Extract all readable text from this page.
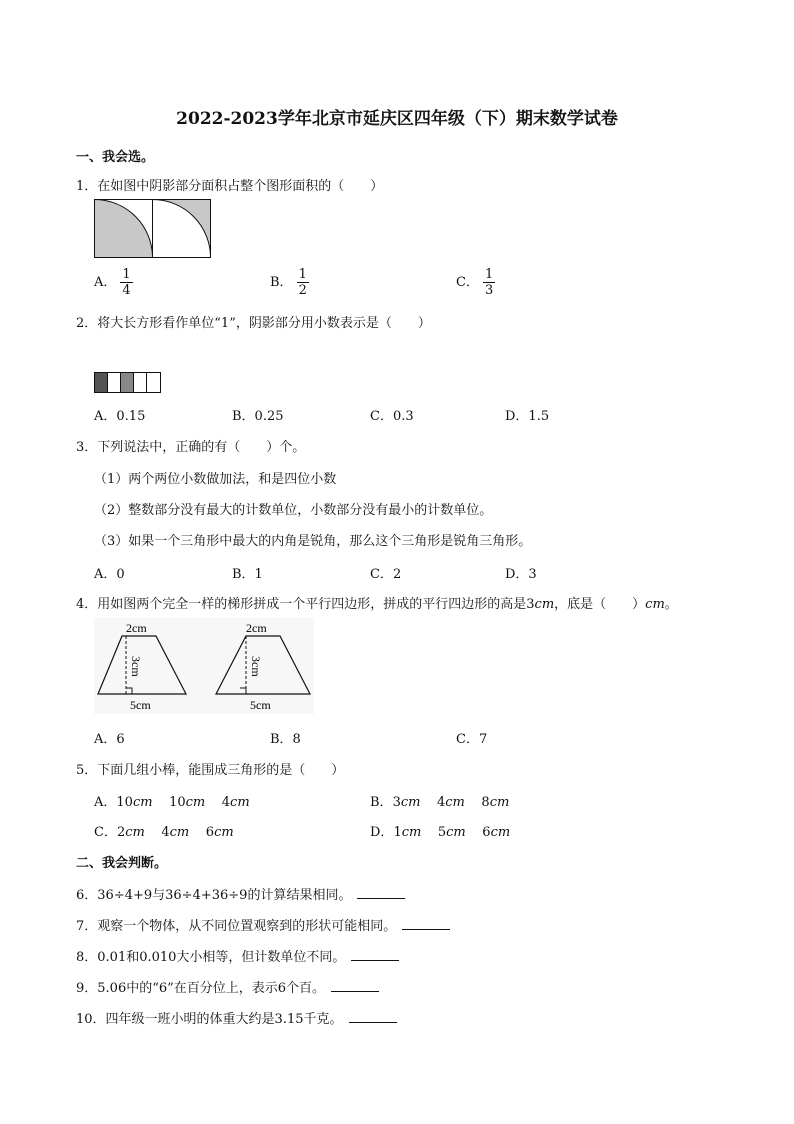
2022-2023学年北京市延庆区四年级（下）期末数学试卷
一、我会选。
1．在如图中阴影部分面积占整个图形面积的（　　）
A． $\frac{1}{4}$	B． $\frac{1}{2}$	C． $\frac{1}{3}$
2．将大长方形看作单位“1”，阴影部分用小数表示是（　　）
A．0.15	B．0.25	C．0.3	D．1.5
3．下列说法中，正确的有（　　）个。
（1）两个两位小数做加法，和是四位小数
（2）整数部分没有最大的计数单位，小数部分没有最小的计数单位。
（3）如果一个三角形中最大的内角是锐角，那么这个三角形是锐角三角形。
A．0	B．1	C．2	D．3
4．用如图两个完全一样的梯形拼成一个平行四边形，拼成的平行四边形的高是3cm，底是（　　）cm。
2cm
3cm
5cm
2cm
3cm
5cm
A．6	B．8	C．7
5．下面几组小棒，能围成三角形的是（　　）
A．10cm 10cm 4cm	B．3cm 4cm 8cm
C．2cm 4cm 6cm	D．1cm 5cm 6cm
二、我会判断。
6．36÷4+9与36÷4+36÷9的计算结果相同。
7．观察一个物体，从不同位置观察到的形状可能相同。
8．0.01和0.010大小相等，但计数单位不同。
9．5.06中的“6”在百分位上，表示6个百。
10．四年级一班小明的体重大约是3.15千克。
